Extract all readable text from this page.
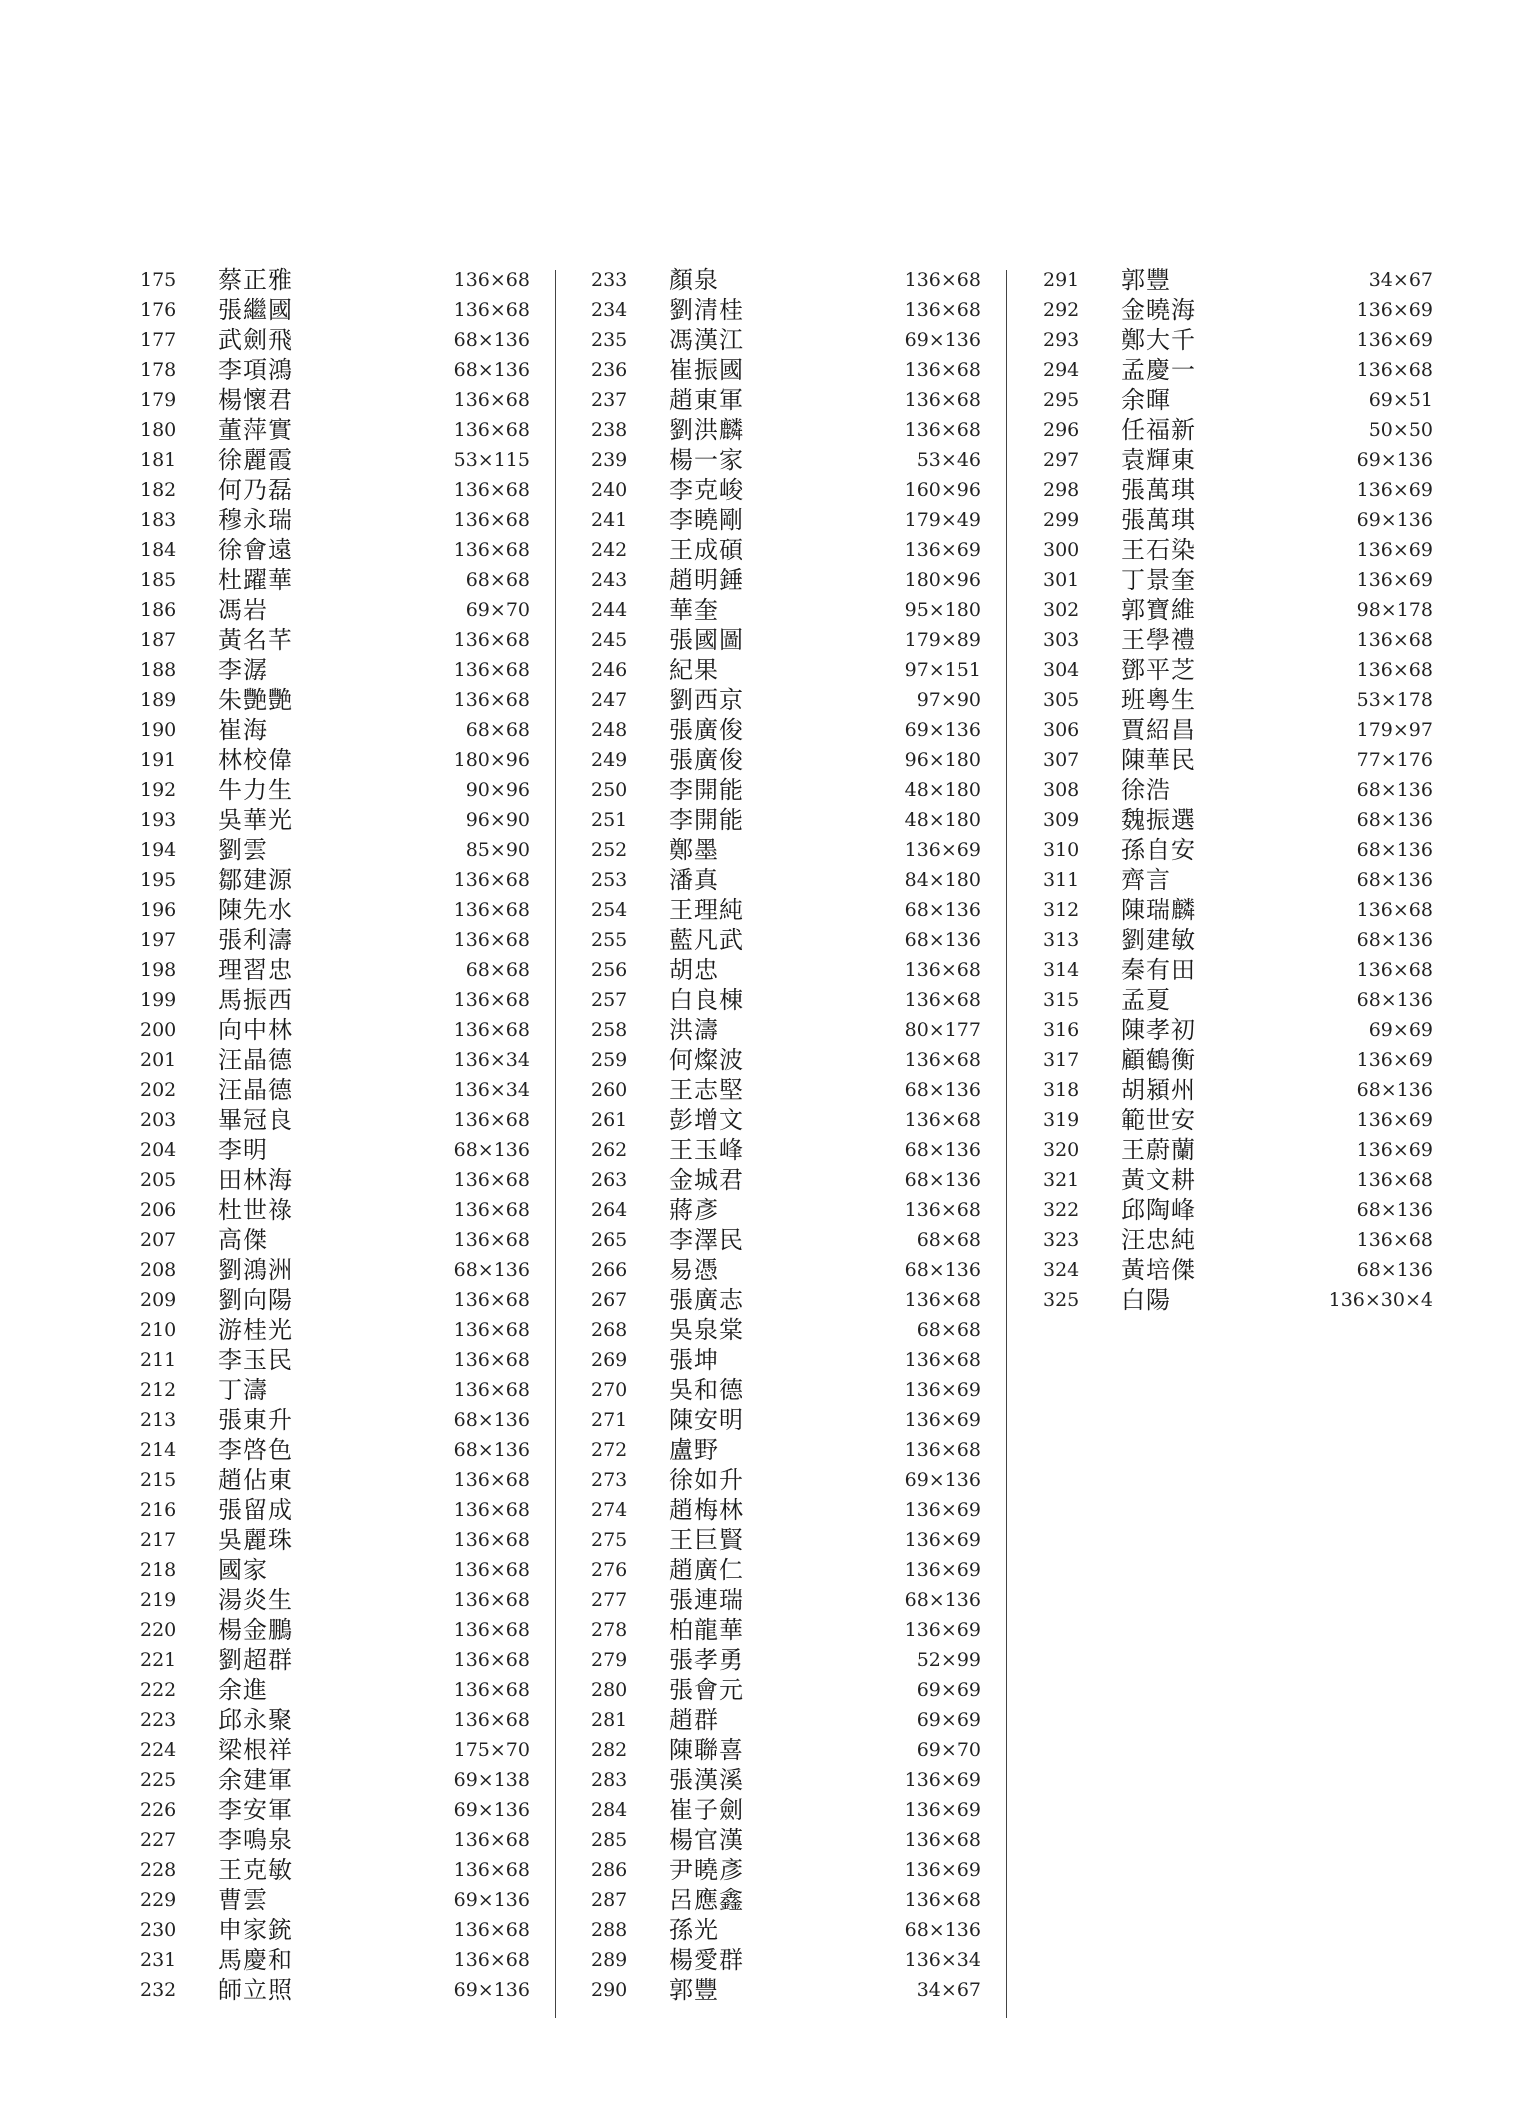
175 蔡正雅	136×68
176 張繼國	136×68
177 武劍飛	68×136
178 李項鴻	68×136
179 楊懷君	136×68
180 董萍實	136×68
181 徐麗霞	53×115
182 何乃磊	136×68
183 穆永瑞	136×68
184 徐會遠	136×68
185 杜躍華	68×68
186 馮岩	69×70
187 黃名芊	136×68
188 李潺	136×68
189 朱艷艷	136×68
190 崔海	68×68
191 林校偉	180×96
192 牛力生	90×96
193 吳華光	96×90
194 劉雲	85×90
195 鄒建源	136×68
196 陳先水	136×68
197 張利濤	136×68
198 理習忠	68×68
199 馬振西	136×68
200 向中林	136×68
201 汪晶德	136×34
202 汪晶德	136×34
203 畢冠良	136×68
204 李明	68×136
205 田林海	136×68
206 杜世祿	136×68
207 高傑	136×68
208 劉鴻洲	68×136
209 劉向陽	136×68
210 游桂光	136×68
211 李玉民	136×68
212 丁濤	136×68
213 張東升	68×136
214 李啓色	68×136
215 趙佔東	136×68
216 張留成	136×68
217 吳麗珠	136×68
218 國家	136×68
219 湯炎生	136×68
220 楊金鵬	136×68
221 劉超群	136×68
222 余進	136×68
223 邱永聚	136×68
224 梁根祥	175×70
225 余建軍	69×138
226 李安軍	69×136
227 李鳴泉	136×68
228 王克敏	136×68
229 曹雲	69×136
230 申家銃	136×68
231 馬慶和	136×68
232 師立照	69×136
233 顏泉	136×68
234 劉清桂	136×68
235 馮漢江	69×136
236 崔振國	136×68
237 趙東軍	136×68
238 劉洪麟	136×68
239 楊一家	53×46
240 李克峻	160×96
241 李曉剛	179×49
242 王成碩	136×69
243 趙明錘	180×96
244 華奎	95×180
245 張國圖	179×89
246 紀果	97×151
247 劉西京	97×90
248 張廣俊	69×136
249 張廣俊	96×180
250 李開能	48×180
251 李開能	48×180
252 鄭墨	136×69
253 潘真	84×180
254 王理純	68×136
255 藍凡武	68×136
256 胡忠	136×68
257 白良棟	136×68
258 洪濤	80×177
259 何燦波	136×68
260 王志堅	68×136
261 彭增文	136×68
262 王玉峰	68×136
263 金城君	68×136
264 蔣彥	136×68
265 李澤民	68×68
266 易憑	68×136
267 張廣志	136×68
268 吳泉棠	68×68
269 張坤	136×68
270 吳和德	136×69
271 陳安明	136×69
272 盧野	136×68
273 徐如升	69×136
274 趙梅林	136×69
275 王巨賢	136×69
276 趙廣仁	136×69
277 張連瑞	68×136
278 柏龍華	136×69
279 張孝勇	52×99
280 張會元	69×69
281 趙群	69×69
282 陳聯喜	69×70
283 張漢溪	136×69
284 崔子劍	136×69
285 楊官漢	136×68
286 尹曉彥	136×69
287 呂應鑫	136×68
288 孫光	68×136
289 楊愛群	136×34
290 郭豐	34×67
291 郭豐	34×67
292 金曉海	136×69
293 鄭大千	136×69
294 孟慶一	136×68
295 余暉	69×51
296 任福新	50×50
297 袁輝東	69×136
298 張萬琪	136×69
299 張萬琪	69×136
300 王石染	136×69
301 丁景奎	136×69
302 郭寶維	98×178
303 王學禮	136×68
304 鄧平芝	136×68
305 班粵生	53×178
306 賈紹昌	179×97
307 陳華民	77×176
308 徐浩	68×136
309 魏振選	68×136
310 孫自安	68×136
311 齊言	68×136
312 陳瑞麟	136×68
313 劉建敏	68×136
314 秦有田	136×68
315 孟夏	68×136
316 陳孝初	69×69
317 顧鶴衡	136×69
318 胡潁州	68×136
319 範世安	136×69
320 王蔚蘭	136×69
321 黃文耕	136×68
322 邱陶峰	68×136
323 汪忠純	136×68
324 黃培傑	68×136
325 白陽	136×30×4
